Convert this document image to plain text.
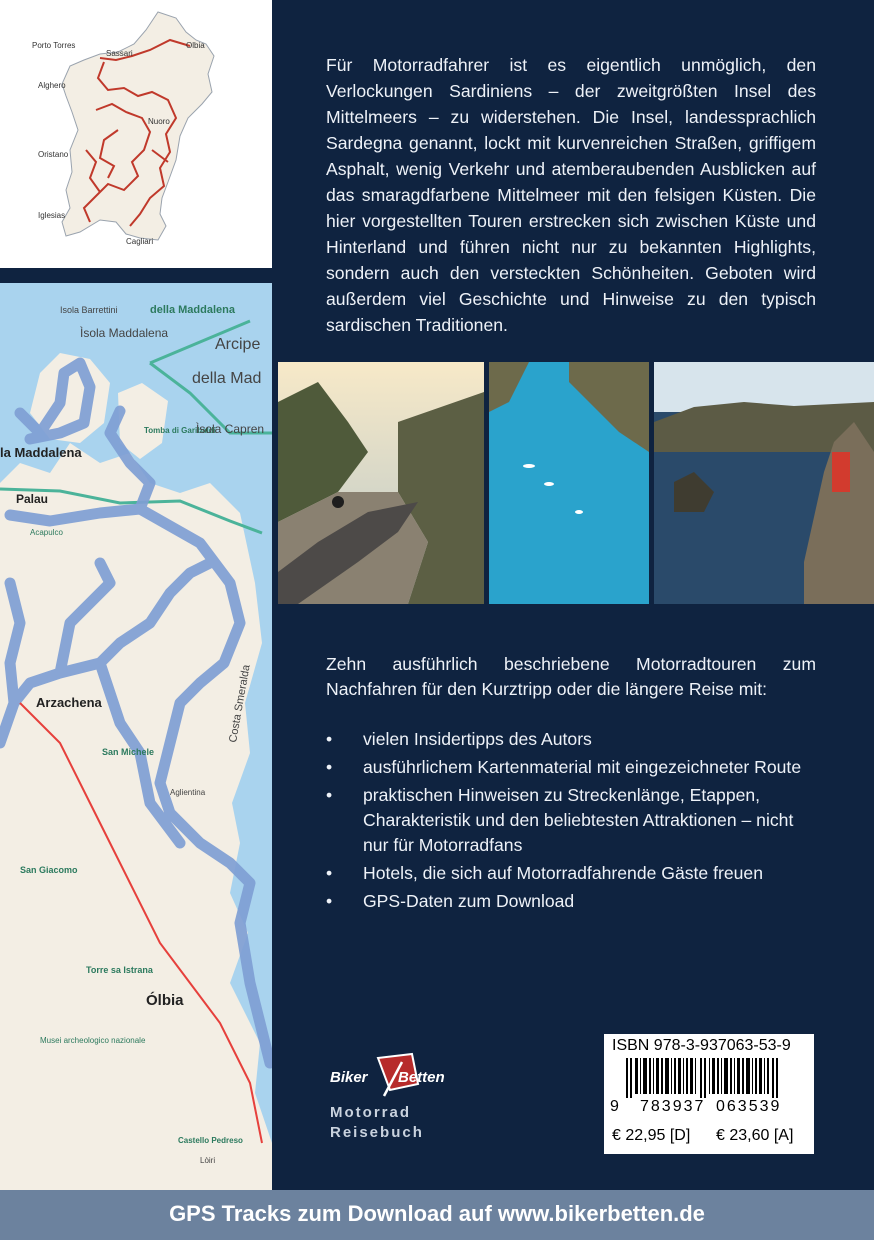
Porto Torres
Sassari
Olbia
Alghero
Nuoro
Oristano
Iglesias
Cagliari
Isola Barrettini	della Maddalena
Ìsola Maddalena
Arcipe
della Mad
Tomba di Garibaldi
Ìsola Capren
la Maddalena
Palau
Acapulco
Arzachena
San Michele
Aglientina
Costa Smeralda
San Giacomo
Torre sa Istrana
Ólbia
Musei archeologico nazionale
Castello Pedreso
Lòiri

Für Motorradfahrer ist es eigentlich unmöglich, den Verlockungen Sardiniens – der zweitgrößten Insel des Mittelmeers – zu widerstehen. Die Insel, landessprachlich Sardegna genannt, lockt mit kurvenreichen Straßen, griffigem Asphalt, wenig Verkehr und atemberaubenden Ausblicken auf das smaragdfarbene Mittelmeer mit den felsigen Küsten. Die hier vorgestellten Touren erstrecken sich zwischen Küste und Hinterland und führen nicht nur zu bekannten Highlights, sondern auch den versteckten Schönheiten. Geboten wird außerdem viel Geschichte und Hinweise zu den typisch sardischen Traditionen.

Zehn ausführlich beschriebene Motorradtouren zum Nachfahren für den Kurztripp oder die längere Reise mit:

• vielen Insidertipps des Autors
• ausführlichem Kartenmaterial mit eingezeichneter Route
• praktischen Hinweisen zu Streckenlänge, Etappen, Charakteristik und den beliebtesten Attraktionen – nicht nur für Motorradfans
• Hotels, die sich auf Motorradfahrende Gäste freuen
• GPS-Daten zum Download
Biker Betten
Motorrad
Reisebuch
ISBN 978-3-937063-53-9
9 783937 063539
€ 22,95 [D] € 23,60 [A]
GPS Tracks zum Download auf www.bikerbetten.de
